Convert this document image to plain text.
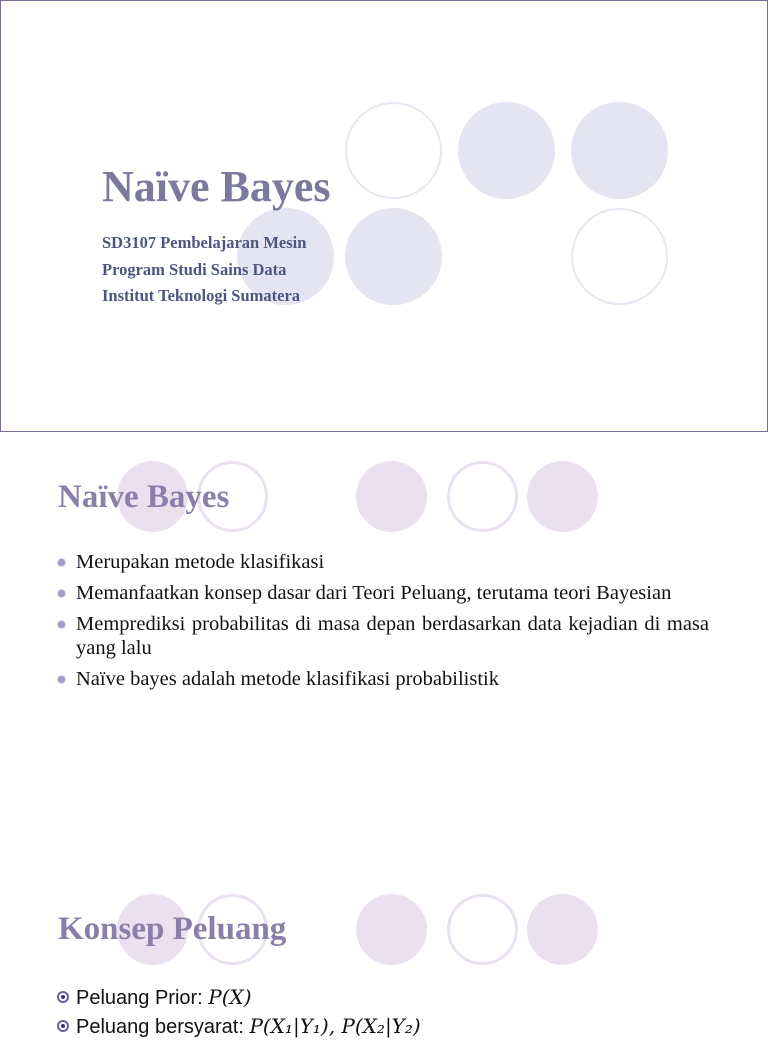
Naïve Bayes
SD3107 Pembelajaran Mesin
Program Studi Sains Data
Institut Teknologi Sumatera
Naïve Bayes
Merupakan metode klasifikasi
Memanfaatkan konsep dasar dari Teori Peluang, terutama teori Bayesian
Memprediksi probabilitas di masa depan berdasarkan data kejadian di masa yang lalu
Naïve bayes adalah metode klasifikasi probabilistik
Konsep Peluang
Peluang Prior: P(X)
Peluang bersyarat: P(X₁|Y₁), P(X₂|Y₂)
